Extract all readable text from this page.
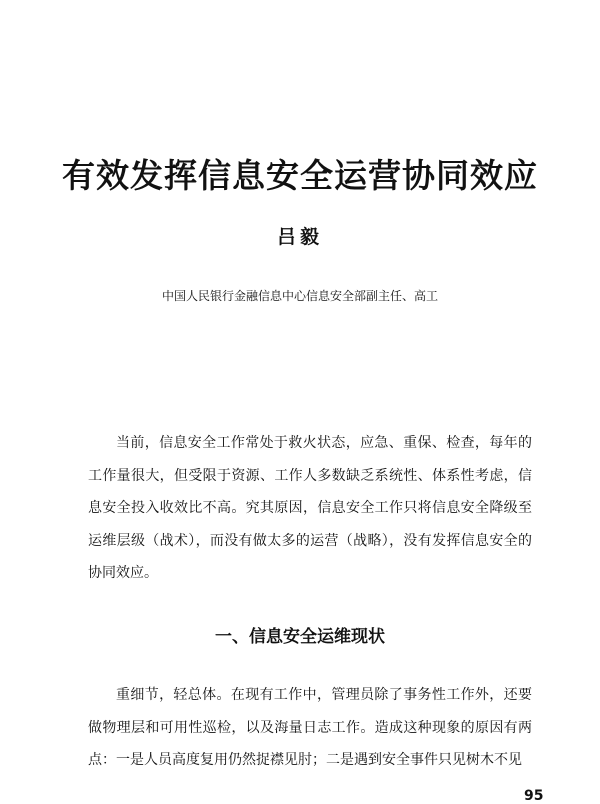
有效发挥信息安全运营协同效应
吕毅
中国人民银行金融信息中心信息安全部副主任、高工

当前，信息安全工作常处于救火状态，应急、重保、检查，每年的工作量很大，但受限于资源、工作人多数缺乏系统性、体系性考虑，信息安全投入收效比不高。究其原因，信息安全工作只将信息安全降级至运维层级（战术），而没有做太多的运营（战略），没有发挥信息安全的协同效应。

一、信息安全运维现状

重细节，轻总体。在现有工作中，管理员除了事务性工作外，还要做物理层和可用性巡检，以及海量日志工作。造成这种现象的原因有两点：一是人员高度复用仍然捉襟见肘；二是遇到安全事件只见树木不见

95
